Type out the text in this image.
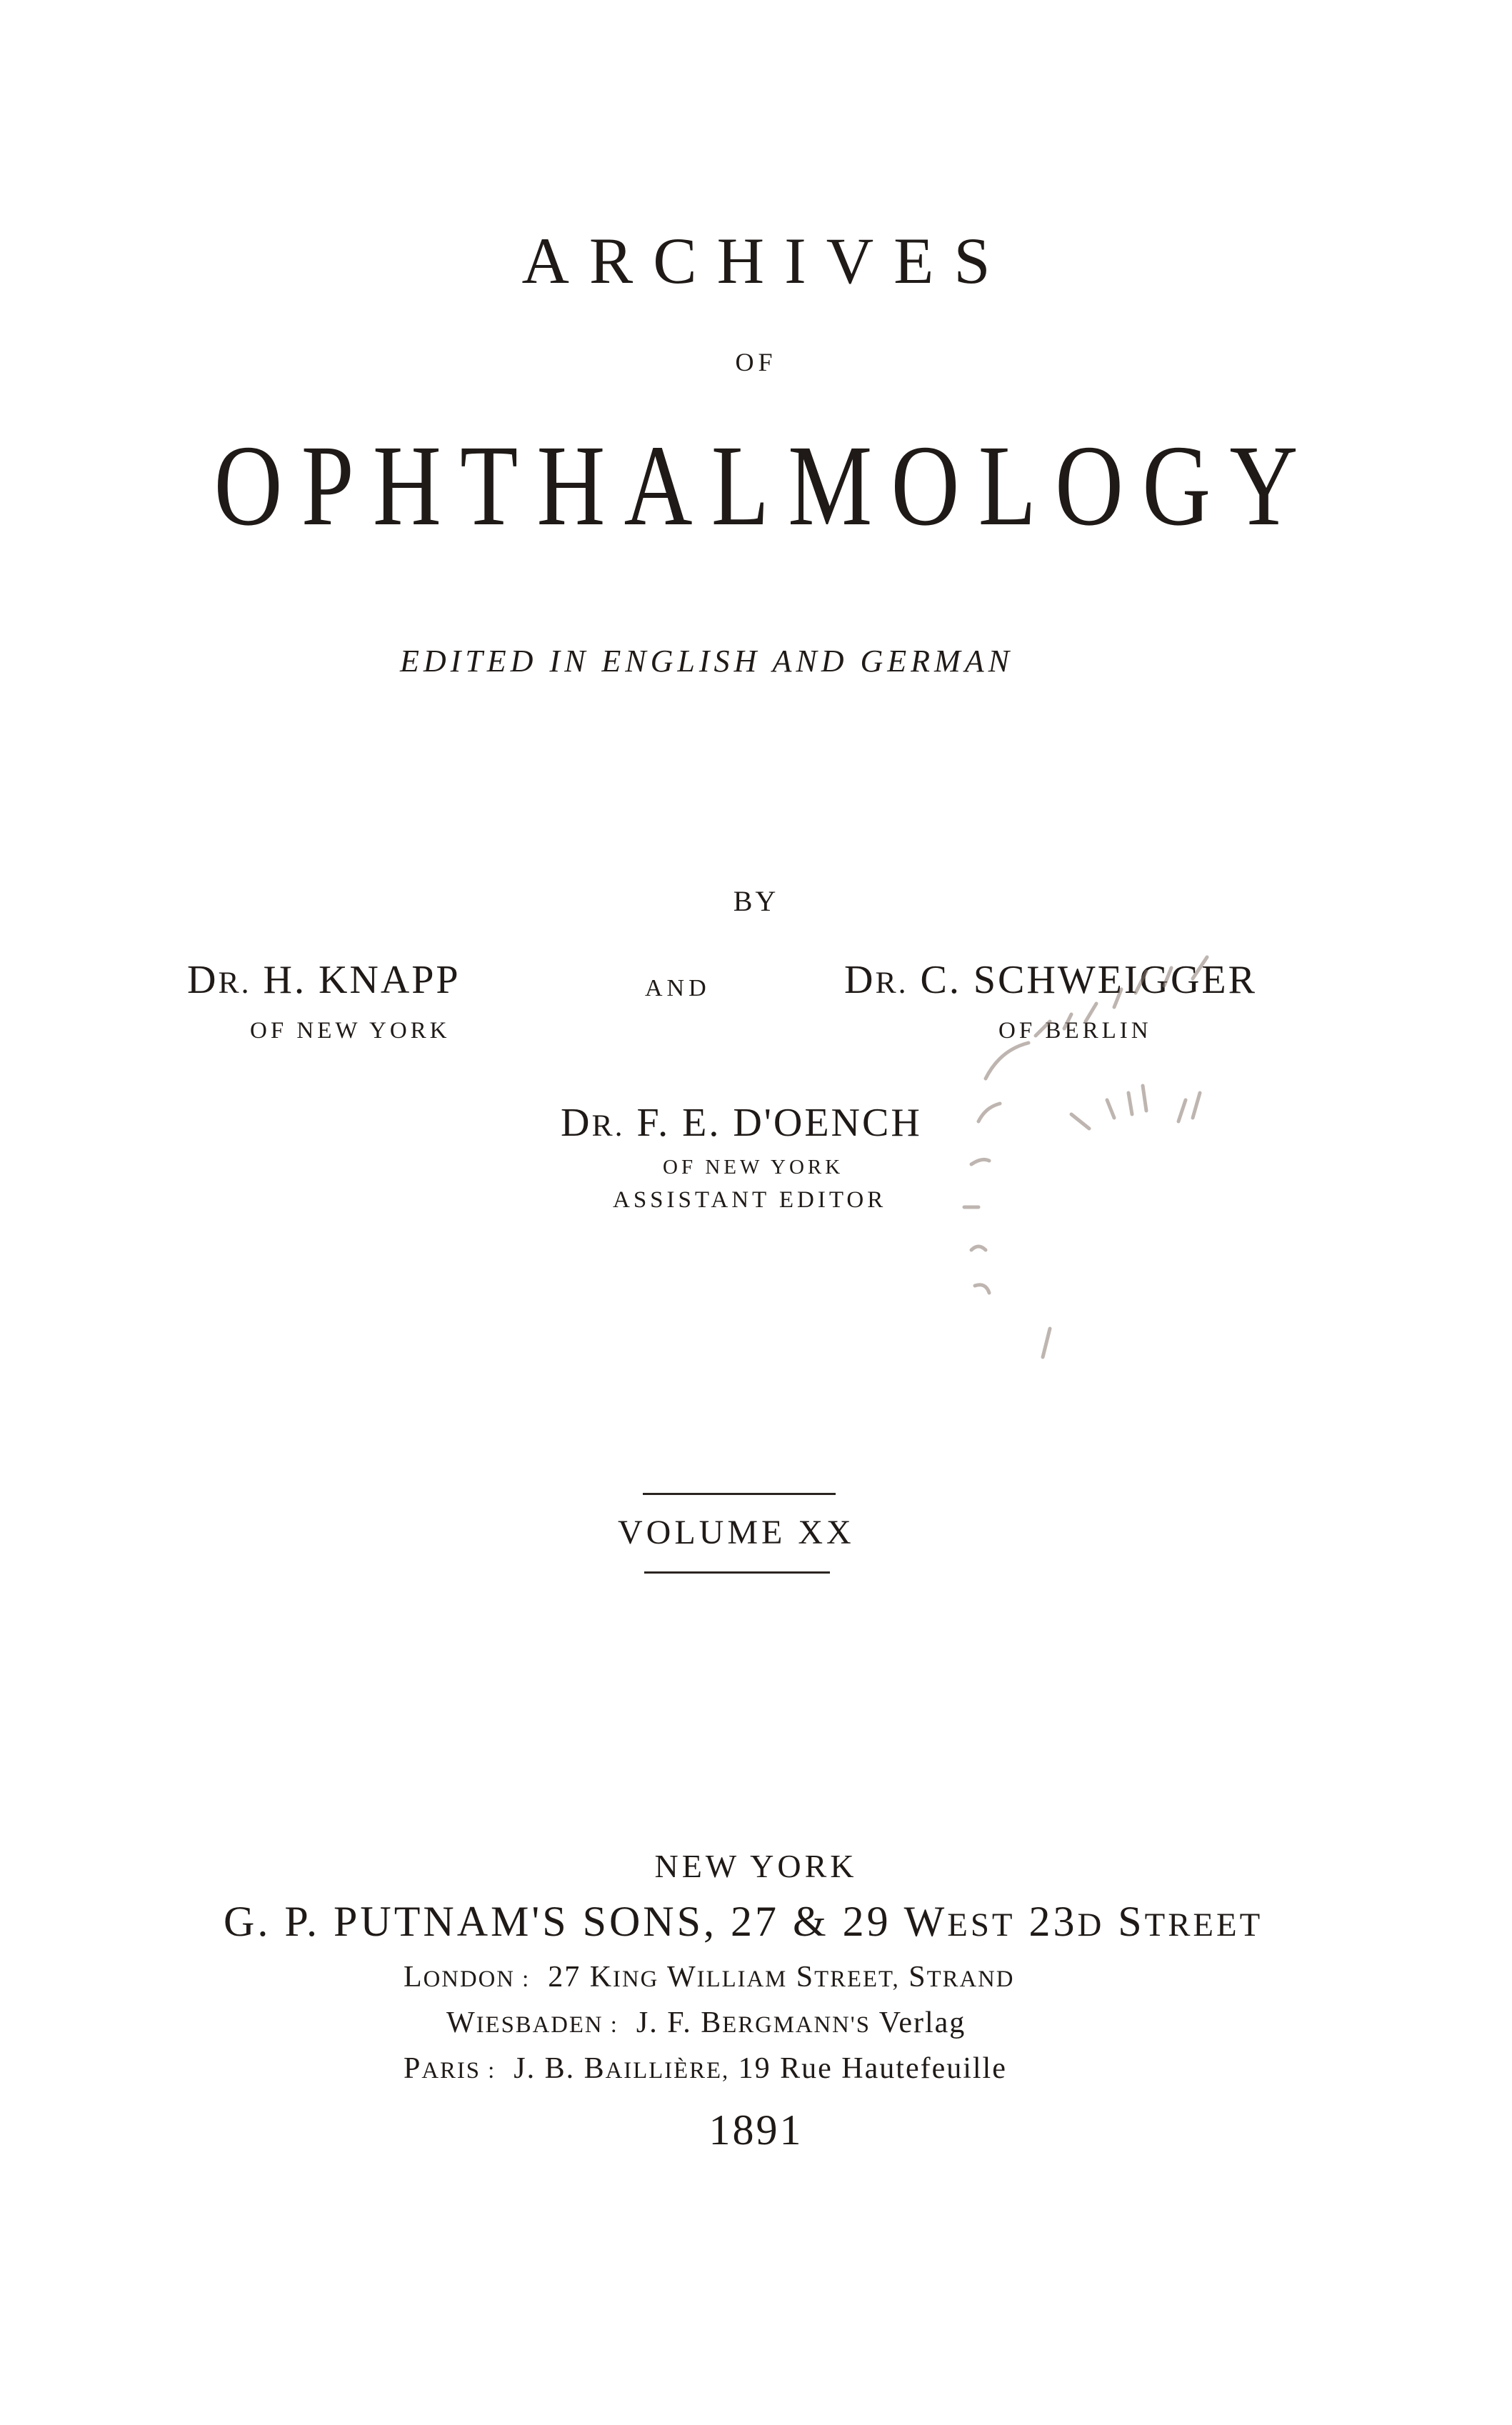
ARCHIVES
OF
OPHTHALMOLOGY
EDITED IN ENGLISH AND GERMAN
BY
DR. H. KNAPP
OF NEW YORK
AND	DR. C. SCHWEIGGER
OF BERLIN
DR. F. E. D'OENCH
OF NEW YORK
ASSISTANT EDITOR
VOLUME XX
NEW YORK
G. P. PUTNAM'S SONS, 27 & 29 WEST 23D STREET
LONDON : 27 KING WILLIAM STREET, STRAND
WIESBADEN : J. F. BERGMANN'S Verlag
PARIS : J. B. BAILLIÈRE, 19 Rue Hautefeuille
1891
